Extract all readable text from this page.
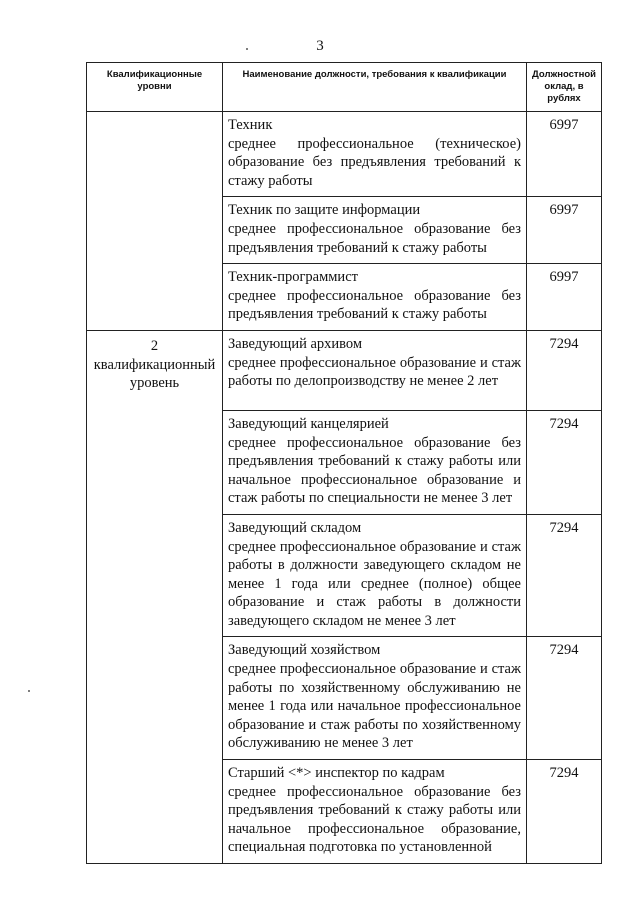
3
Квалификационные уровни	Наименование должности, требования к квалификации	Должностной оклад, в рублях

	Техник
среднее профессиональное (техническое) образование без предъявления требований к стажу работы	6997

	Техник по защите информации
среднее профессиональное образование без предъявления требований к стажу работы	6997

	Техник-программист
среднее профессиональное образование без предъявления требований к стажу работы	6997
2 квалификационный уровень	Заведующий архивом
среднее профессиональное образование и стаж работы по делопроизводству не менее 2 лет	7294

	Заведующий канцелярией
среднее профессиональное образование без предъявления требований к стажу работы или начальное профессиональное образование и стаж работы по специальности не менее 3 лет	7294

	Заведующий складом
среднее профессиональное образование и стаж работы в должности заведующего складом не менее 1 года или среднее (полное) общее образование и стаж работы в должности заведующего складом не менее 3 лет	7294

	Заведующий хозяйством
среднее профессиональное образование и стаж работы по хозяйственному обслуживанию не менее 1 года или начальное профессиональное образование и стаж работы по хозяйственному обслуживанию не менее 3 лет	7294

	Старший <*> инспектор по кадрам
среднее профессиональное образование без предъявления требований к стажу работы или начальное профессиональное образование, специальная подготовка по установленной	7294
